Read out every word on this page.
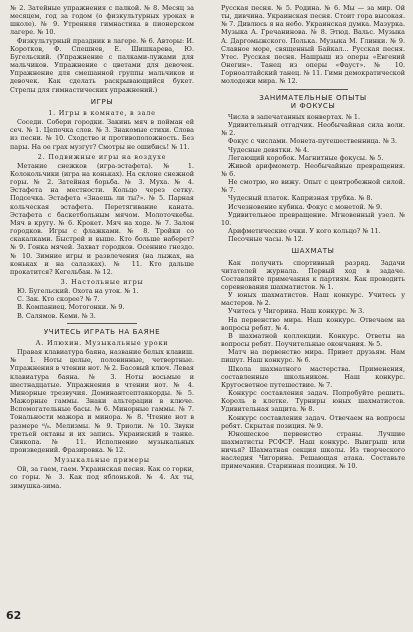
№ 2. Затейные упражнения с палкой. № 8. Месяц за месяцем, год за годом (о физкультурных уроках в школе). № 9. Утренняя гимнастика в пионерском лагере. № 10.

Физкультурный праздник в лагере. № 6. Авторы: И. Коротков, Ф. Спешнев, Е. Шишкарева, Ю. Бугельский. (Упражнение с палками-лужами для мальчиков. Упражнение с цветами для девочек. Упражнение для смешанной группы мальчиков и девочек. Как сделать раскрывающийся букет. Стрелы для гимнастических упражнений.)

ИГРЫ
1. Игры в комнате, в зале

Соседи. Собери городки. Закинь мяч в пойман ей сеч. № 1. Цепочка слов. № 3. Знакомые стихи. Слова из песни. № 10. Сходство и противоположность. Без пары. На ое грах музгут? Смотры не ошибись! № 11.

2. Подвижные игры на воздухе

Метание снежков (игра-эстафета). № 1. Колокольчики (игра на коньках). На склоне снежной горы. № 2. Затейная борьба. № 3. Муха. № 4. Эстафета на местности. Кольцо через сетку. Подсечка. Эстафета «Знаешь ли ты?». № 5. Парная кольческая эстафета. Перетягивание каната. Эстафета с баскетбольным мячом. Молоточкебы. Мяч в кругу. № 6. Крокет. Мяч на ходе. № 7. Залон городков. Игры с флажками. № 8. Тройки со скакалками. Быстрей и выше. Кто больше наберет? № 9. Гонка мячей. Захват городков. Осенние гнездо. № 10. Зимние игры и развлечения (на лыжах, на коньках и на салазках). № 11. Кто дальше прокатится? Кегельбан. № 12.

3. Настольные игры

Ю. Бугельский. Охота на уток. № 1.

С. Зак. Кто скорее? № 7.

В. Компаниец. Мотогонки. № 9.

В. Салямов. Кеми. № 3.

УЧИТЕСЬ ИГРАТЬ НА БАЯНЕ
А. Илюхин. Музыкальные уроки

Правая клавиатура баяна, название белых клавиш. № 1. Ноты целые, половинные, четвертные. Упражнения в чтении нот. № 2. Басовый ключ. Левая клавиатура баяна. № 3. Ноты восьмые и шестнадцатые. Упражнения в чтении нот. № 4. Минорные трезвучия. Доминантсептаккорды. № 5. Мажорные гаммы. Знаки альтерации в ключе. Вспомогательные басы. № 6. Минорные гаммы. № 7. Тональности мажора и минора. № 8. Чтение нот в размере ⁶/₈. Мелизмы. № 9. Триоли. № 10. Звуки третьей октавы и их запись. Украинский в танке. Синкопа. № 11. Исполнение музыкальных произведений. Фразировка. № 12.

Музыкальные примеры

Ой, за гаем, гаем. Украинская песня. Как со горки, со горы. № 3. Как под яблонькой. № 4. Ах ты, зимушка-зима.

Русская песня. № 5. Родина. № 6. Мы — за мир. Ой ты, дивчина. Украинская песня. Стоит гора высокая. № 7. Дивлюсь я на небо. Украинская думка. Мазурка. Музыка А. Гречанинова. № 8. Этюд. Вальс. Музыка А. Даргомыжского. Полька. Музыка М. Глинки. № 9. Славное море, священный Байкал... Русская песня. Утес. Русская песня. Нашрыш из оперы «Евгений Онегин». Танец из оперы «Фауст». № 10. Горноалтайский танец. № 11. Гимн демократической молодежи мира. № 12.

ЗАНИМАТЕЛЬНЫЕ ОПЫТЫ
И ФОКУСЫ

Числа в запечатанных конвертах. № 1.

Удивительный отгадчик. Необычайная сила воли. № 2.

Фокус с числами. Монета-путешественница. № 3.

Чудесные девятки. № 4.

Легающий коробок. Магнитные фокусы. № 5.

Живой арифмометр. Необычайные превращения. № 6.

Не смотрю, но вижу. Опыт с центробежной силой. № 7.

Чудесный платок. Капризная трубка. № 8.

Исчезновение кубика. Фокус с монетой. № 9.

Удивительное превращение. Мгновенный узел. № 10.

Арифметические очки. У кого кольцо? № 11.

Песочные часы. № 12.

ШАХМАТЫ

Как получить спортивный разряд. Задачи читателей журнала. Первый ход в задаче. Составляйте примечания к партиям. Как проводить соревнования шахматистов. № 1.

У юных шахматистов. Наш конкурс. Учитесь у мастеров. № 2.

Учитесь у Чигорина. Наш конкурс. № 3.

На первенство мира. Наш конкурс. Отвечаем на вопросы ребят. № 4.

В шахматной коллекции. Конкурс. Ответы на вопросы ребят. Поучительные окончания. № 5.

Матч на первенство мира. Привет друзьям. Нам пишут. Наш конкурс. № 6.

Школа шахматного мастерства. Применения, составленные школьником. Наш конкурс. Кругосветное путешествие. № 7.

Конкурс составления задач. Попробуйте решить. Король в клетке. Турниры юных шахматистов. Удивительная защита. № 8.

Конкурс составления задач. Отвечаем на вопросы ребят. Скрытая позиция. № 9.

Юношеское первенство страны. Лучшие шахматисты РСФСР. Наш конкурс. Выигрыш или ничья? Шахматная секция школы. Из творческого наследия Чигорина. Решающая атака. Составьте примечания. Старинная позиция. № 10.

62
